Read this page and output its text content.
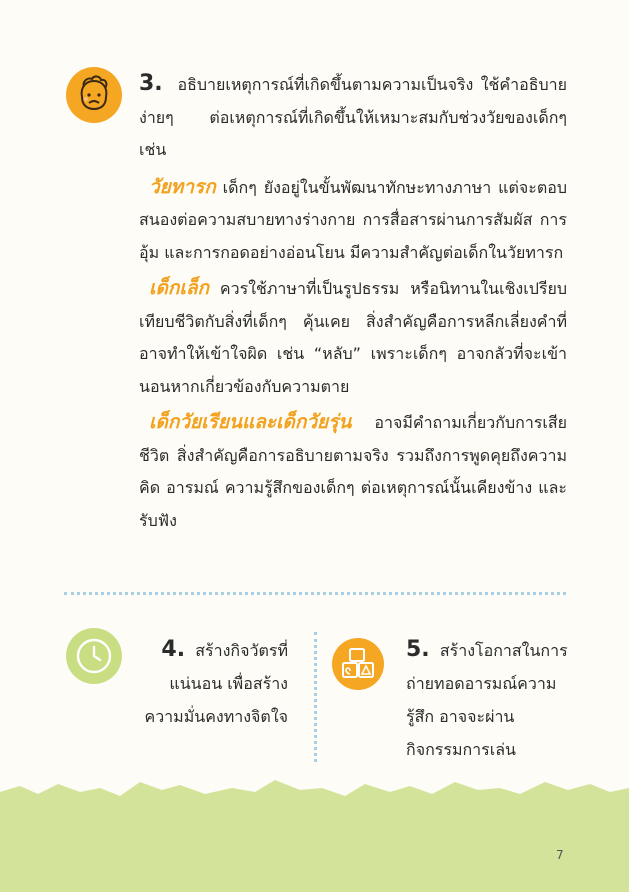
3. อธิบายเหตุการณ์ที่เกิดขึ้นตามความเป็นจริง ใช้คำอธิบายง่ายๆ ต่อเหตุการณ์ที่เกิดขึ้นให้เหมาะสมกับช่วงวัยของเด็กๆ เช่น

วัยทารก เด็กๆ ยังอยู่ในขั้นพัฒนาทักษะทางภาษา แต่จะตอบสนองต่อความสบายทางร่างกาย การสื่อสารผ่านการสัมผัส การอุ้ม และการกอดอย่างอ่อนโยน มีความสำคัญต่อเด็กในวัยทารก

เด็กเล็ก ควรใช้ภาษาที่เป็นรูปธรรม หรือนิทานในเชิงเปรียบเทียบชีวิตกับสิ่งที่เด็กๆ คุ้นเคย สิ่งสำคัญคือการหลีกเลี่ยงคำที่อาจทำให้เข้าใจผิด เช่น “หลับ” เพราะเด็กๆ อาจกลัวที่จะเข้านอนหากเกี่ยวข้องกับความตาย

เด็กวัยเรียนและเด็กวัยรุ่น อาจมีคำถามเกี่ยวกับการเสียชีวิต สิ่งสำคัญคือการอธิบายตามจริง รวมถึงการพูดคุยถึงความคิด อารมณ์ ความรู้สึกของเด็กๆ ต่อเหตุการณ์นั้นเคียงข้าง และรับฟัง

4. สร้างกิจวัตรที่แน่นอน เพื่อสร้างความมั่นคงทางจิตใจ

5. สร้างโอกาสในการถ่ายทอดอารมณ์ความรู้สึก อาจจะผ่านกิจกรรมการเล่น

7
